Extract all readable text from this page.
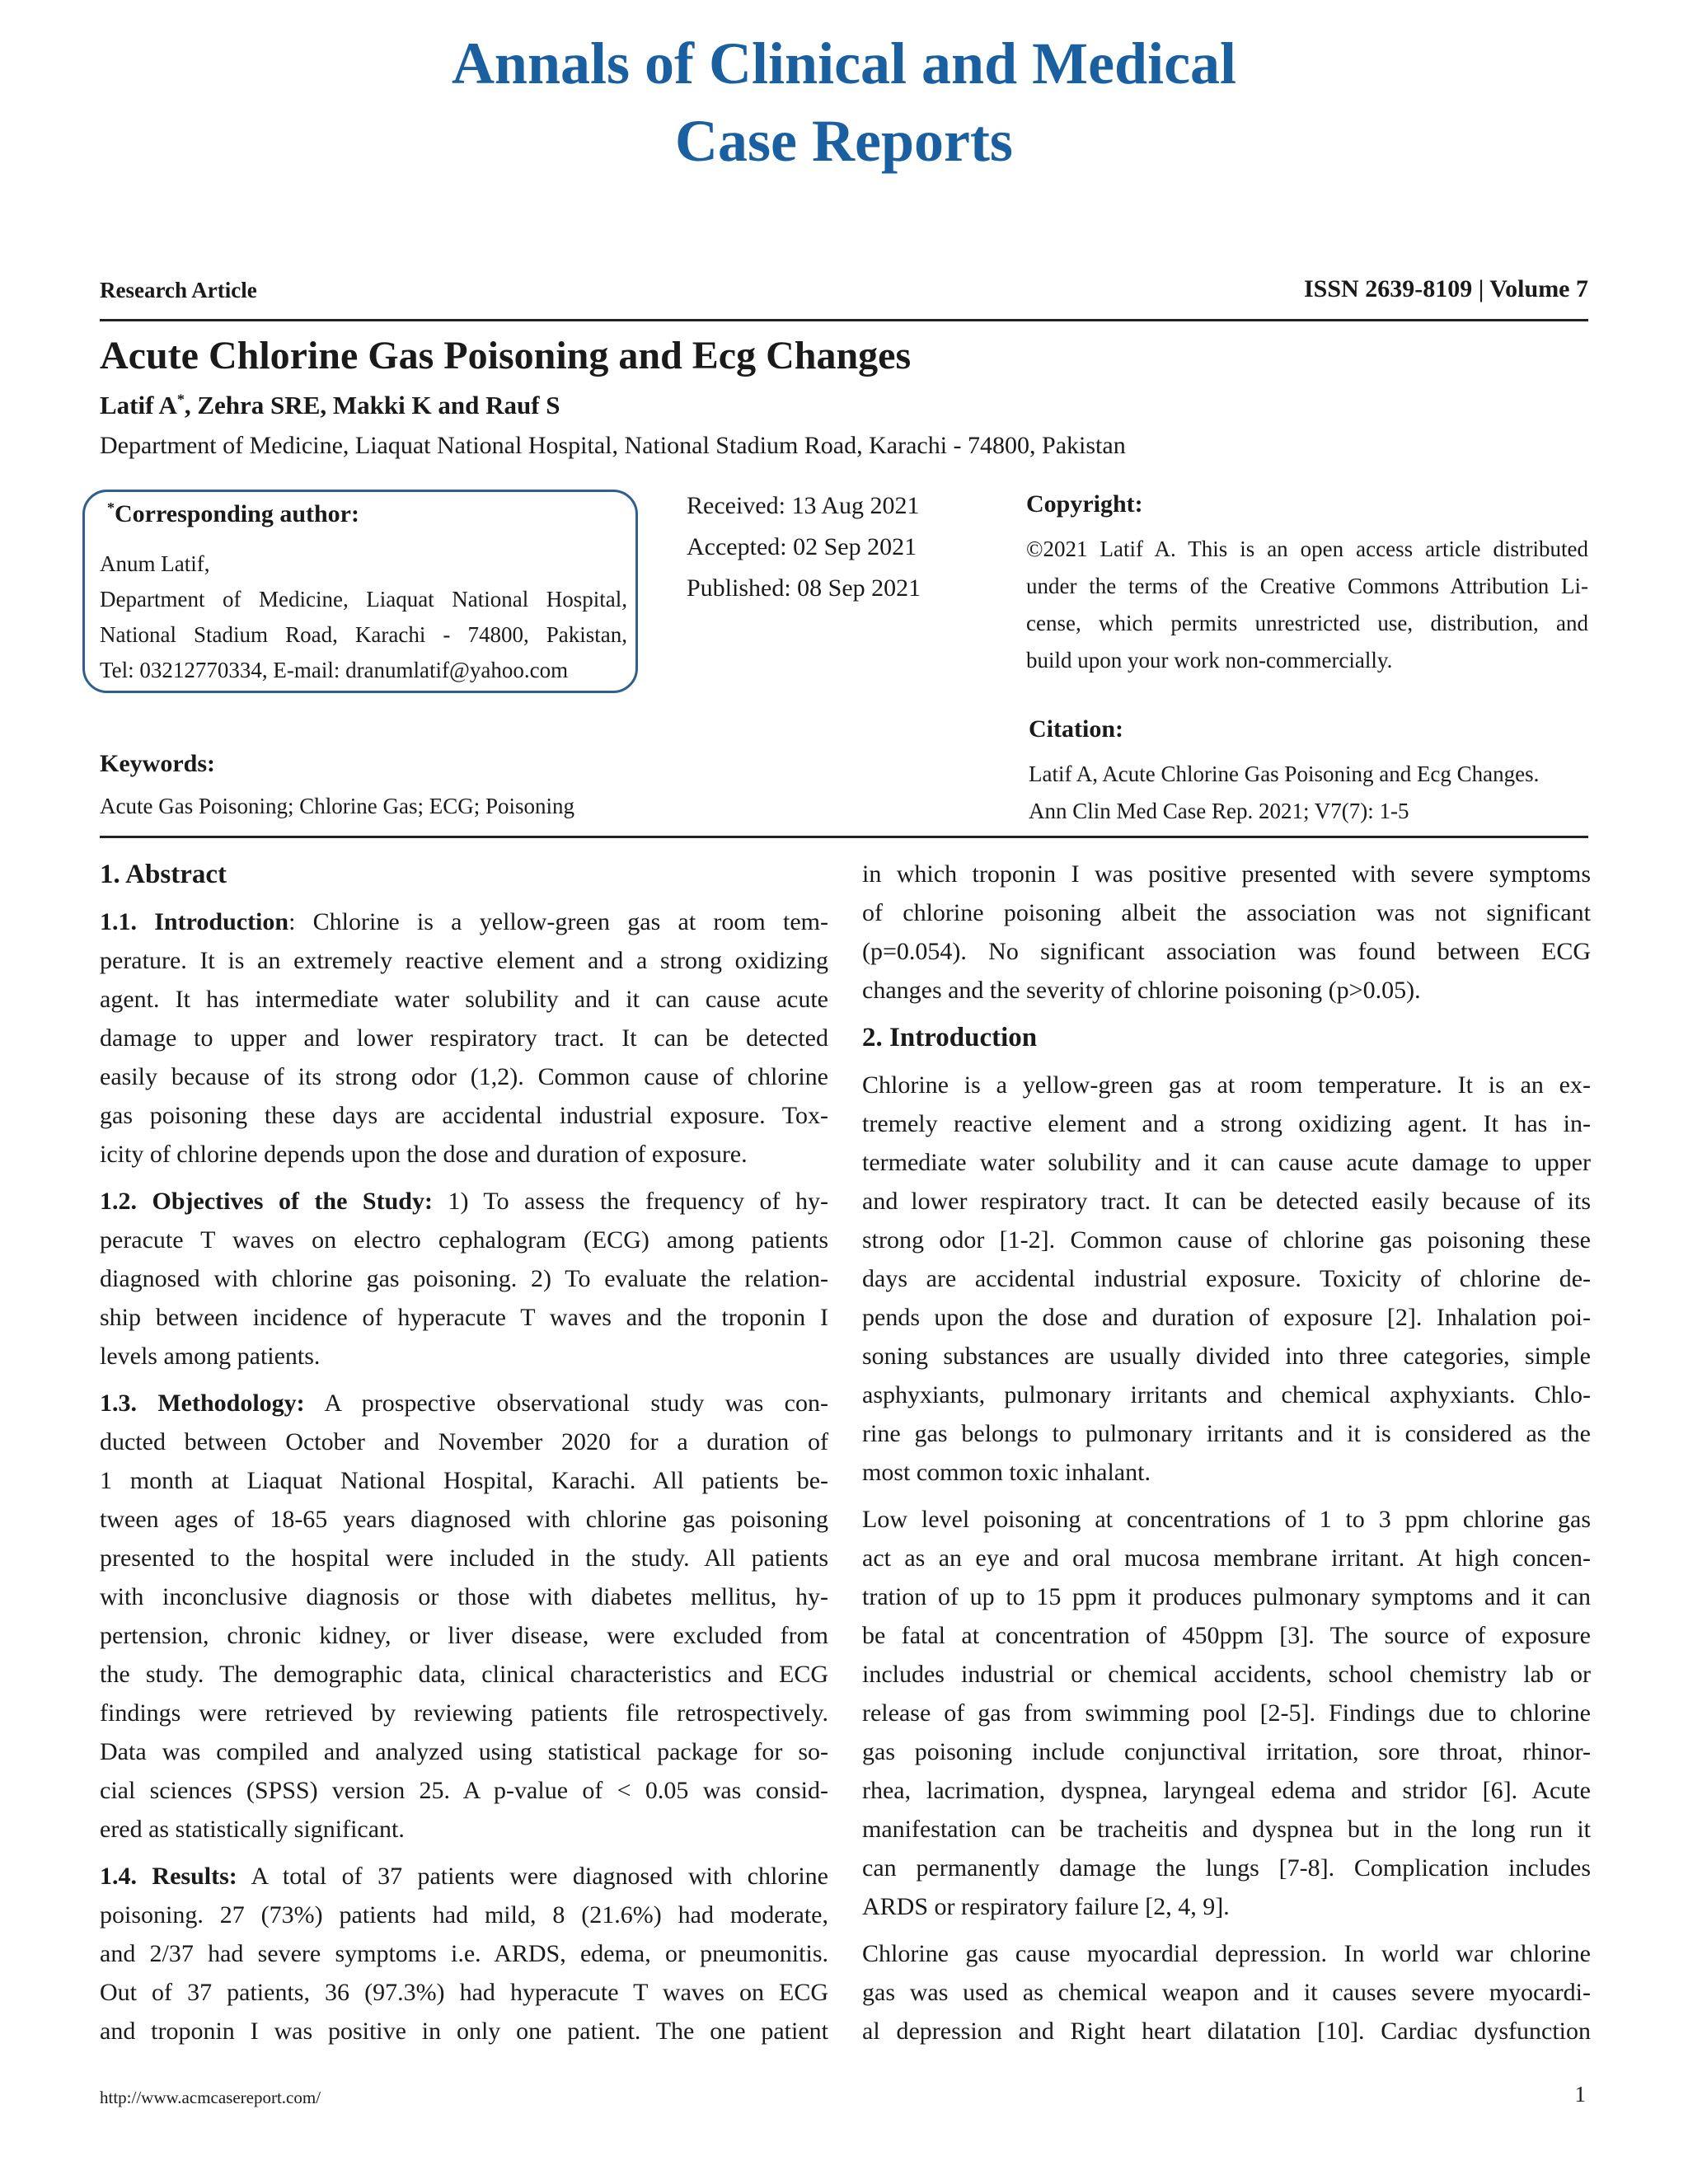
Annals of Clinical and Medical
Case Reports
Research Article	ISSN 2639-8109 | Volume 7
Acute Chlorine Gas Poisoning and Ecg Changes
Latif A*, Zehra SRE, Makki K and Rauf S
Department of Medicine, Liaquat National Hospital, National Stadium Road, Karachi - 74800, Pakistan
*Corresponding author:
Anum Latif,
Department of Medicine, Liaquat National Hospital,
National Stadium Road, Karachi - 74800, Pakistan,
Tel: 03212770334, E-mail: dranumlatif@yahoo.com
Received: 13 Aug 2021
Accepted: 02 Sep 2021
Published: 08 Sep 2021
Copyright:
©2021 Latif A. This is an open access article distributed
under the terms of the Creative Commons Attribution Li-
cense, which permits unrestricted use, distribution, and
build upon your work non-commercially.
Citation:
Latif A, Acute Chlorine Gas Poisoning and Ecg Changes.
Ann Clin Med Case Rep. 2021; V7(7): 1-5
Keywords:
Acute Gas Poisoning; Chlorine Gas; ECG; Poisoning
1. Abstract
1.1. Introduction: Chlorine is a yellow-green gas at room tem-
perature. It is an extremely reactive element and a strong oxidizing
agent. It has intermediate water solubility and it can cause acute
damage to upper and lower respiratory tract. It can be detected
easily because of its strong odor (1,2). Common cause of chlorine
gas poisoning these days are accidental industrial exposure. Tox-
icity of chlorine depends upon the dose and duration of exposure.
1.2. Objectives of the Study: 1) To assess the frequency of hy-
peracute T waves on electro cephalogram (ECG) among patients
diagnosed with chlorine gas poisoning. 2) To evaluate the relation-
ship between incidence of hyperacute T waves and the troponin I
levels among patients.
1.3. Methodology: A prospective observational study was con-
ducted between October and November 2020 for a duration of
1 month at Liaquat National Hospital, Karachi. All patients be-
tween ages of 18-65 years diagnosed with chlorine gas poisoning
presented to the hospital were included in the study. All patients
with inconclusive diagnosis or those with diabetes mellitus, hy-
pertension, chronic kidney, or liver disease, were excluded from
the study. The demographic data, clinical characteristics and ECG
findings were retrieved by reviewing patients file retrospectively.
Data was compiled and analyzed using statistical package for so-
cial sciences (SPSS) version 25. A p-value of < 0.05 was consid-
ered as statistically significant.
1.4. Results: A total of 37 patients were diagnosed with chlorine
poisoning. 27 (73%) patients had mild, 8 (21.6%) had moderate,
and 2/37 had severe symptoms i.e. ARDS, edema, or pneumonitis.
Out of 37 patients, 36 (97.3%) had hyperacute T waves on ECG
and troponin I was positive in only one patient. The one patient
in which troponin I was positive presented with severe symptoms
of chlorine poisoning albeit the association was not significant
(p=0.054). No significant association was found between ECG
changes and the severity of chlorine poisoning (p>0.05).
2. Introduction
Chlorine is a yellow-green gas at room temperature. It is an ex-
tremely reactive element and a strong oxidizing agent. It has in-
termediate water solubility and it can cause acute damage to upper
and lower respiratory tract. It can be detected easily because of its
strong odor [1-2]. Common cause of chlorine gas poisoning these
days are accidental industrial exposure. Toxicity of chlorine de-
pends upon the dose and duration of exposure [2]. Inhalation poi-
soning substances are usually divided into three categories, simple
asphyxiants, pulmonary irritants and chemical axphyxiants. Chlo-
rine gas belongs to pulmonary irritants and it is considered as the
most common toxic inhalant.
Low level poisoning at concentrations of 1 to 3 ppm chlorine gas
act as an eye and oral mucosa membrane irritant. At high concen-
tration of up to 15 ppm it produces pulmonary symptoms and it can
be fatal at concentration of 450ppm [3]. The source of exposure
includes industrial or chemical accidents, school chemistry lab or
release of gas from swimming pool [2-5]. Findings due to chlorine
gas poisoning include conjunctival irritation, sore throat, rhinor-
rhea, lacrimation, dyspnea, laryngeal edema and stridor [6]. Acute
manifestation can be tracheitis and dyspnea but in the long run it
can permanently damage the lungs [7-8]. Complication includes
ARDS or respiratory failure [2, 4, 9].
Chlorine gas cause myocardial depression. In world war chlorine
gas was used as chemical weapon and it causes severe myocardi-
al depression and Right heart dilatation [10]. Cardiac dysfunction
http://www.acmcasereport.com/	1
